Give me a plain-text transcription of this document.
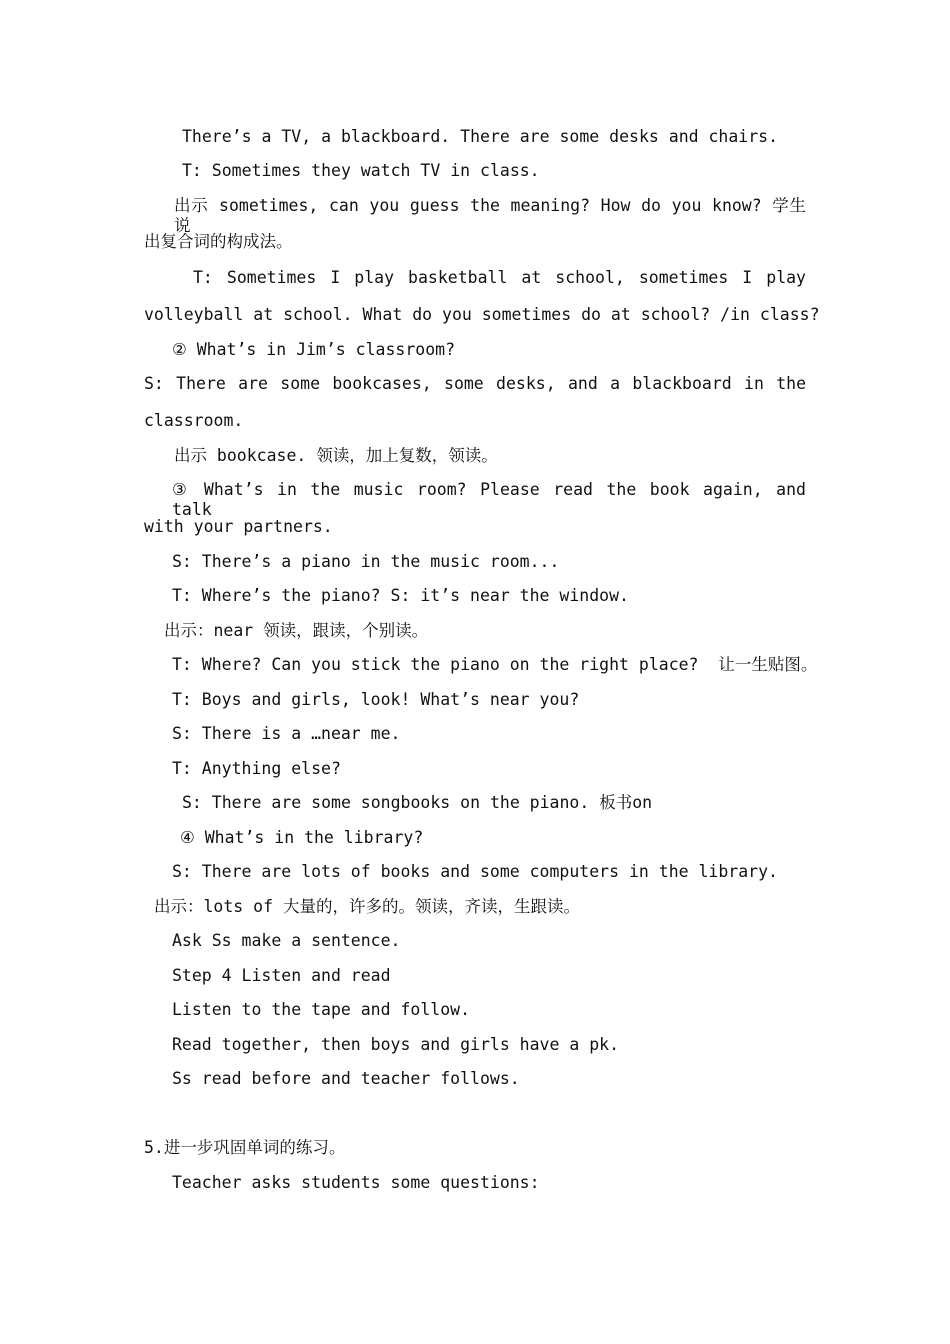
There’s a TV, a blackboard. There are some desks and chairs.
T: Sometimes they watch TV in class.
出示 sometimes, can you guess the meaning? How do you know? 学生说
出复合词的构成法。
T: Sometimes I play basketball at school, sometimes I play
volleyball at school. What do you sometimes do at school? /in class?
② What’s in Jim’s classroom?
S: There are some bookcases, some desks, and a blackboard in the
classroom.
出示 bookcase. 领读，加上复数，领读。
③ What’s in the music room? Please read the book again, and talk
with your partners.
S: There’s a piano in the music room...
T: Where’s the piano? S: it’s near the window.
出示：near 领读，跟读，个别读。
T: Where? Can you stick the piano on the right place?  让一生贴图。
T: Boys and girls, look! What’s near you?
S: There is a …near me.
T: Anything else?
S: There are some songbooks on the piano. 板书on
④ What’s in the library?
S: There are lots of books and some computers in the library.
出示：lots of 大量的，许多的。领读，齐读，生跟读。
Ask Ss make a sentence.
Step 4 Listen and read
Listen to the tape and follow.
Read together, then boys and girls have a pk.
Ss read before and teacher follows.
5.进一步巩固单词的练习。
Teacher asks students some questions:
